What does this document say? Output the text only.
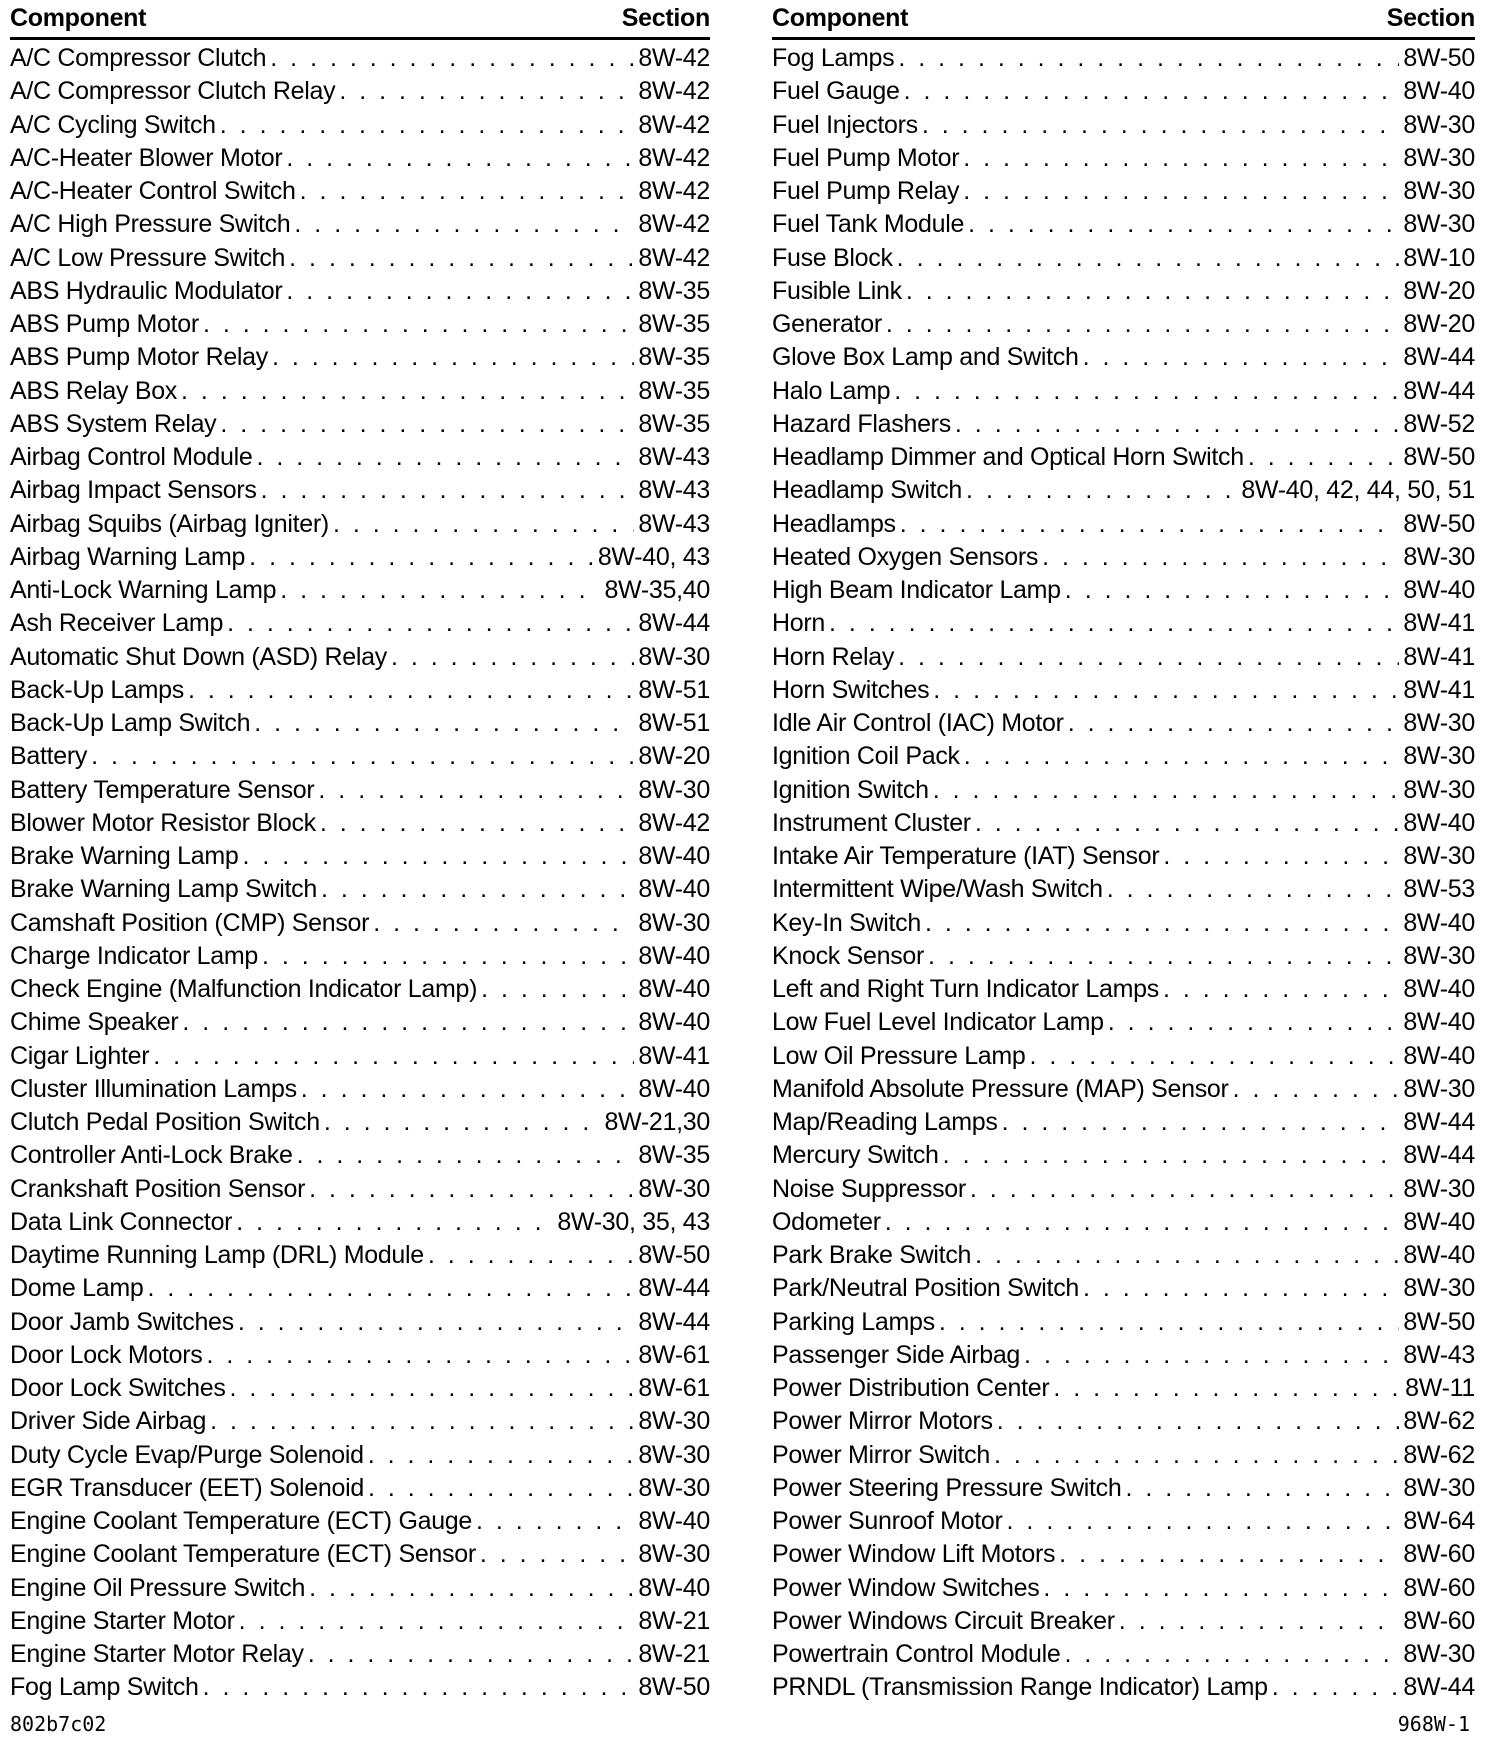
Component	Section
A/C Compressor Clutch . . .	8W-42
A/C Compressor Clutch Relay . . .	8W-42
A/C Cycling Switch . . .	8W-42
A/C-Heater Blower Motor . . .	8W-42
A/C-Heater Control Switch . . .	8W-42
A/C High Pressure Switch . . .	8W-42
A/C Low Pressure Switch . . .	8W-42
ABS Hydraulic Modulator . . .	8W-35
ABS Pump Motor . . .	8W-35
ABS Pump Motor Relay . . .	8W-35
ABS Relay Box . . .	8W-35
ABS System Relay . . .	8W-35
Airbag Control Module . . .	8W-43
Airbag Impact Sensors . . .	8W-43
Airbag Squibs (Airbag Igniter) . . .	8W-43
Airbag Warning Lamp . . .	8W-40, 43
Anti-Lock Warning Lamp . . .	8W-35,40
Ash Receiver Lamp . . .	8W-44
Automatic Shut Down (ASD) Relay . . .	8W-30
Back-Up Lamps . . .	8W-51
Back-Up Lamp Switch . . .	8W-51
Battery . . .	8W-20
Battery Temperature Sensor . . .	8W-30
Blower Motor Resistor Block . . .	8W-42
Brake Warning Lamp . . .	8W-40
Brake Warning Lamp Switch . . .	8W-40
Camshaft Position (CMP) Sensor . . .	8W-30
Charge Indicator Lamp . . .	8W-40
Check Engine (Malfunction Indicator Lamp) . . .	8W-40
Chime Speaker . . .	8W-40
Cigar Lighter . . .	8W-41
Cluster Illumination Lamps . . .	8W-40
Clutch Pedal Position Switch . . .	8W-21,30
Controller Anti-Lock Brake . . .	8W-35
Crankshaft Position Sensor . . .	8W-30
Data Link Connector . . .	8W-30, 35, 43
Daytime Running Lamp (DRL) Module . . .	8W-50
Dome Lamp . . .	8W-44
Door Jamb Switches . . .	8W-44
Door Lock Motors . . .	8W-61
Door Lock Switches . . .	8W-61
Driver Side Airbag . . .	8W-30
Duty Cycle Evap/Purge Solenoid . . .	8W-30
EGR Transducer (EET) Solenoid . . .	8W-30
Engine Coolant Temperature (ECT) Gauge . . .	8W-40
Engine Coolant Temperature (ECT) Sensor . . .	8W-30
Engine Oil Pressure Switch . . .	8W-40
Engine Starter Motor . . .	8W-21
Engine Starter Motor Relay . . .	8W-21
Fog Lamp Switch . . .	8W-50
Component	Section
Fog Lamps . . .	8W-50
Fuel Gauge . . .	8W-40
Fuel Injectors . . .	8W-30
Fuel Pump Motor . . .	8W-30
Fuel Pump Relay . . .	8W-30
Fuel Tank Module . . .	8W-30
Fuse Block . . .	8W-10
Fusible Link . . .	8W-20
Generator . . .	8W-20
Glove Box Lamp and Switch . . .	8W-44
Halo Lamp . . .	8W-44
Hazard Flashers . . .	8W-52
Headlamp Dimmer and Optical Horn Switch . . .	8W-50
Headlamp Switch . . .	8W-40, 42, 44, 50, 51
Headlamps . . .	8W-50
Heated Oxygen Sensors . . .	8W-30
High Beam Indicator Lamp . . .	8W-40
Horn . . .	8W-41
Horn Relay . . .	8W-41
Horn Switches . . .	8W-41
Idle Air Control (IAC) Motor . . .	8W-30
Ignition Coil Pack . . .	8W-30
Ignition Switch . . .	8W-30
Instrument Cluster . . .	8W-40
Intake Air Temperature (IAT) Sensor . . .	8W-30
Intermittent Wipe/Wash Switch . . .	8W-53
Key-In Switch . . .	8W-40
Knock Sensor . . .	8W-30
Left and Right Turn Indicator Lamps . . .	8W-40
Low Fuel Level Indicator Lamp . . .	8W-40
Low Oil Pressure Lamp . . .	8W-40
Manifold Absolute Pressure (MAP) Sensor . . .	8W-30
Map/Reading Lamps . . .	8W-44
Mercury Switch . . .	8W-44
Noise Suppressor . . .	8W-30
Odometer . . .	8W-40
Park Brake Switch . . .	8W-40
Park/Neutral Position Switch . . .	8W-30
Parking Lamps . . .	8W-50
Passenger Side Airbag . . .	8W-43
Power Distribution Center . . .	8W-11
Power Mirror Motors . . .	8W-62
Power Mirror Switch . . .	8W-62
Power Steering Pressure Switch . . .	8W-30
Power Sunroof Motor . . .	8W-64
Power Window Lift Motors . . .	8W-60
Power Window Switches . . .	8W-60
Power Windows Circuit Breaker . . .	8W-60
Powertrain Control Module . . .	8W-30
PRNDL (Transmission Range Indicator) Lamp . . .	8W-44
802b7c02	968W-1
